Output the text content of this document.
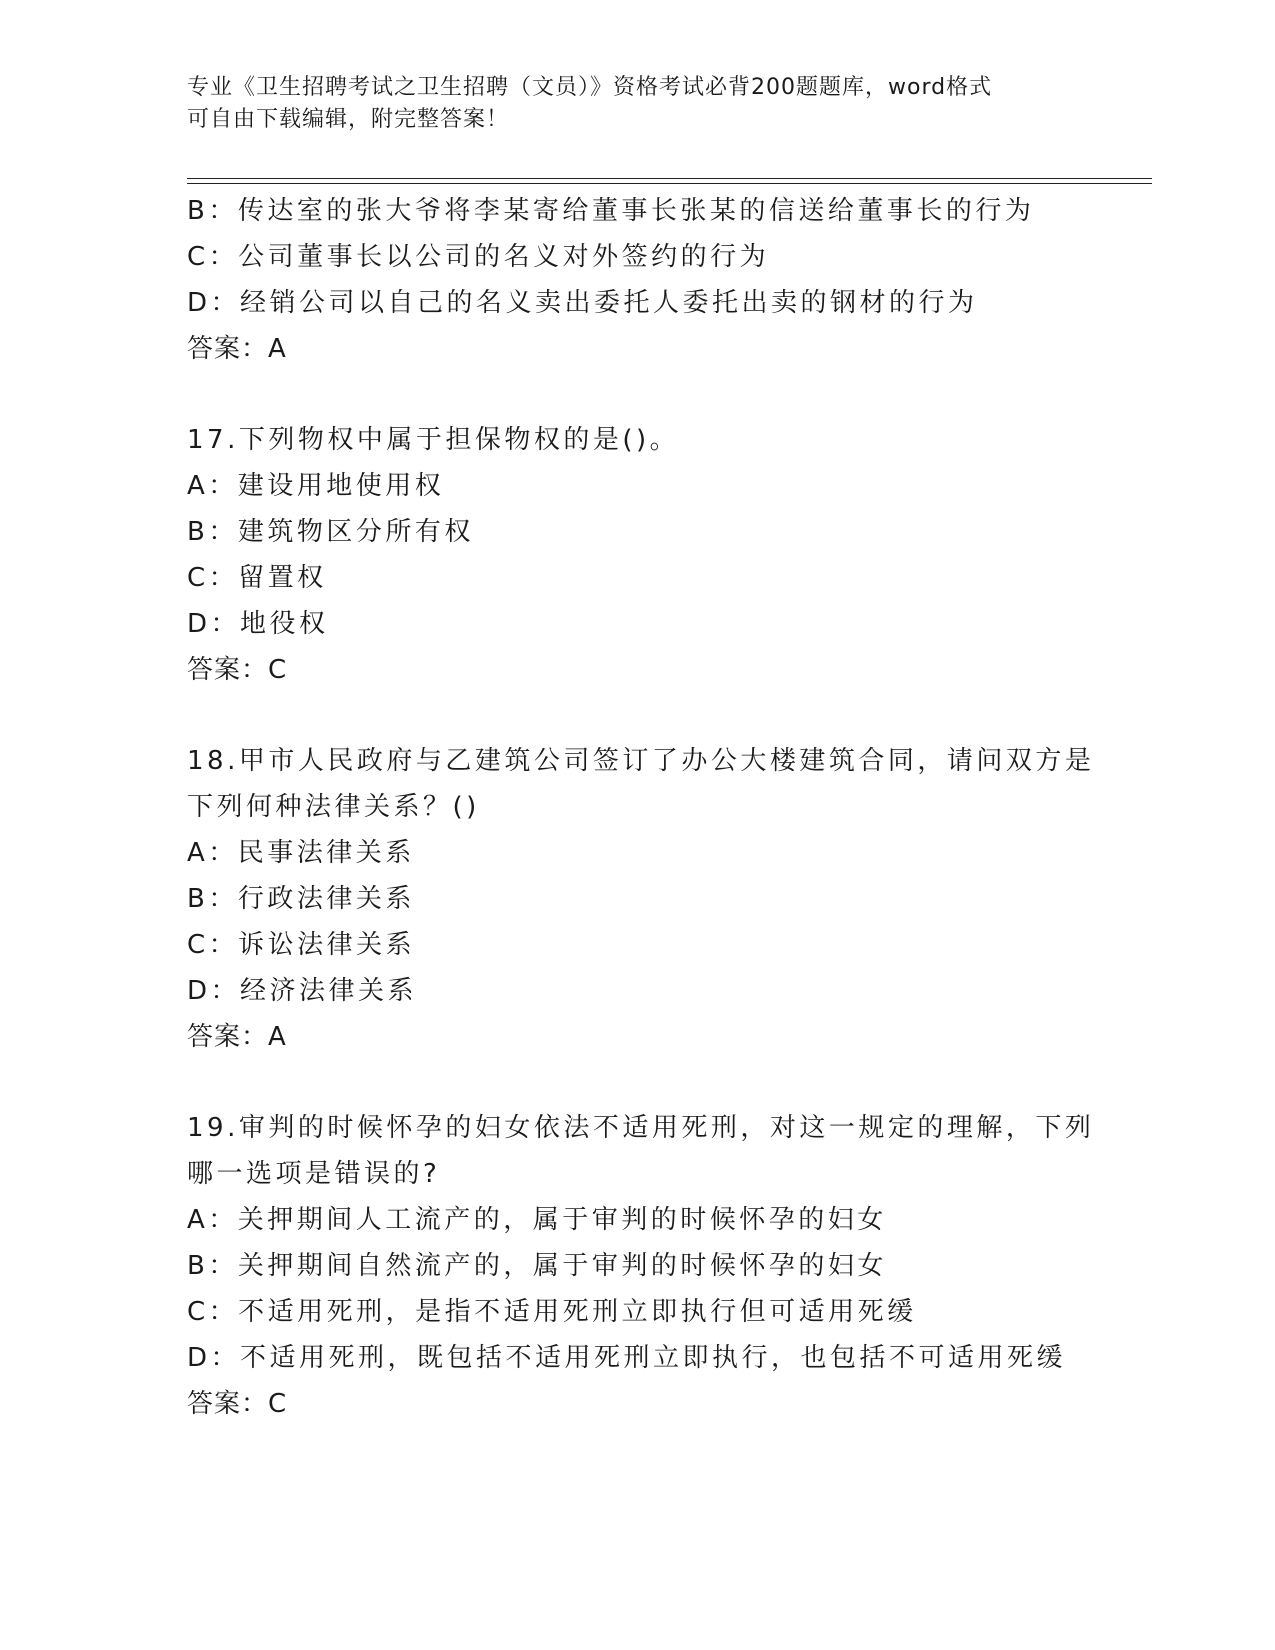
专业《卫生招聘考试之卫生招聘（文员）》资格考试必背200题题库，word格式
可自由下载编辑，附完整答案！
B：传达室的张大爷将李某寄给董事长张某的信送给董事长的行为
C：公司董事长以公司的名义对外签约的行为
D：经销公司以自己的名义卖出委托人委托出卖的钢材的行为
答案：A
17.下列物权中属于担保物权的是()。
A：建设用地使用权
B：建筑物区分所有权
C：留置权
D：地役权
答案：C
18.甲市人民政府与乙建筑公司签订了办公大楼建筑合同，请问双方是
下列何种法律关系？()
A：民事法律关系
B：行政法律关系
C：诉讼法律关系
D：经济法律关系
答案：A
19.审判的时候怀孕的妇女依法不适用死刑，对这一规定的理解，下列
哪一选项是错误的?
A：关押期间人工流产的，属于审判的时候怀孕的妇女
B：关押期间自然流产的，属于审判的时候怀孕的妇女
C：不适用死刑，是指不适用死刑立即执行但可适用死缓
D：不适用死刑，既包括不适用死刑立即执行，也包括不可适用死缓
答案：C
